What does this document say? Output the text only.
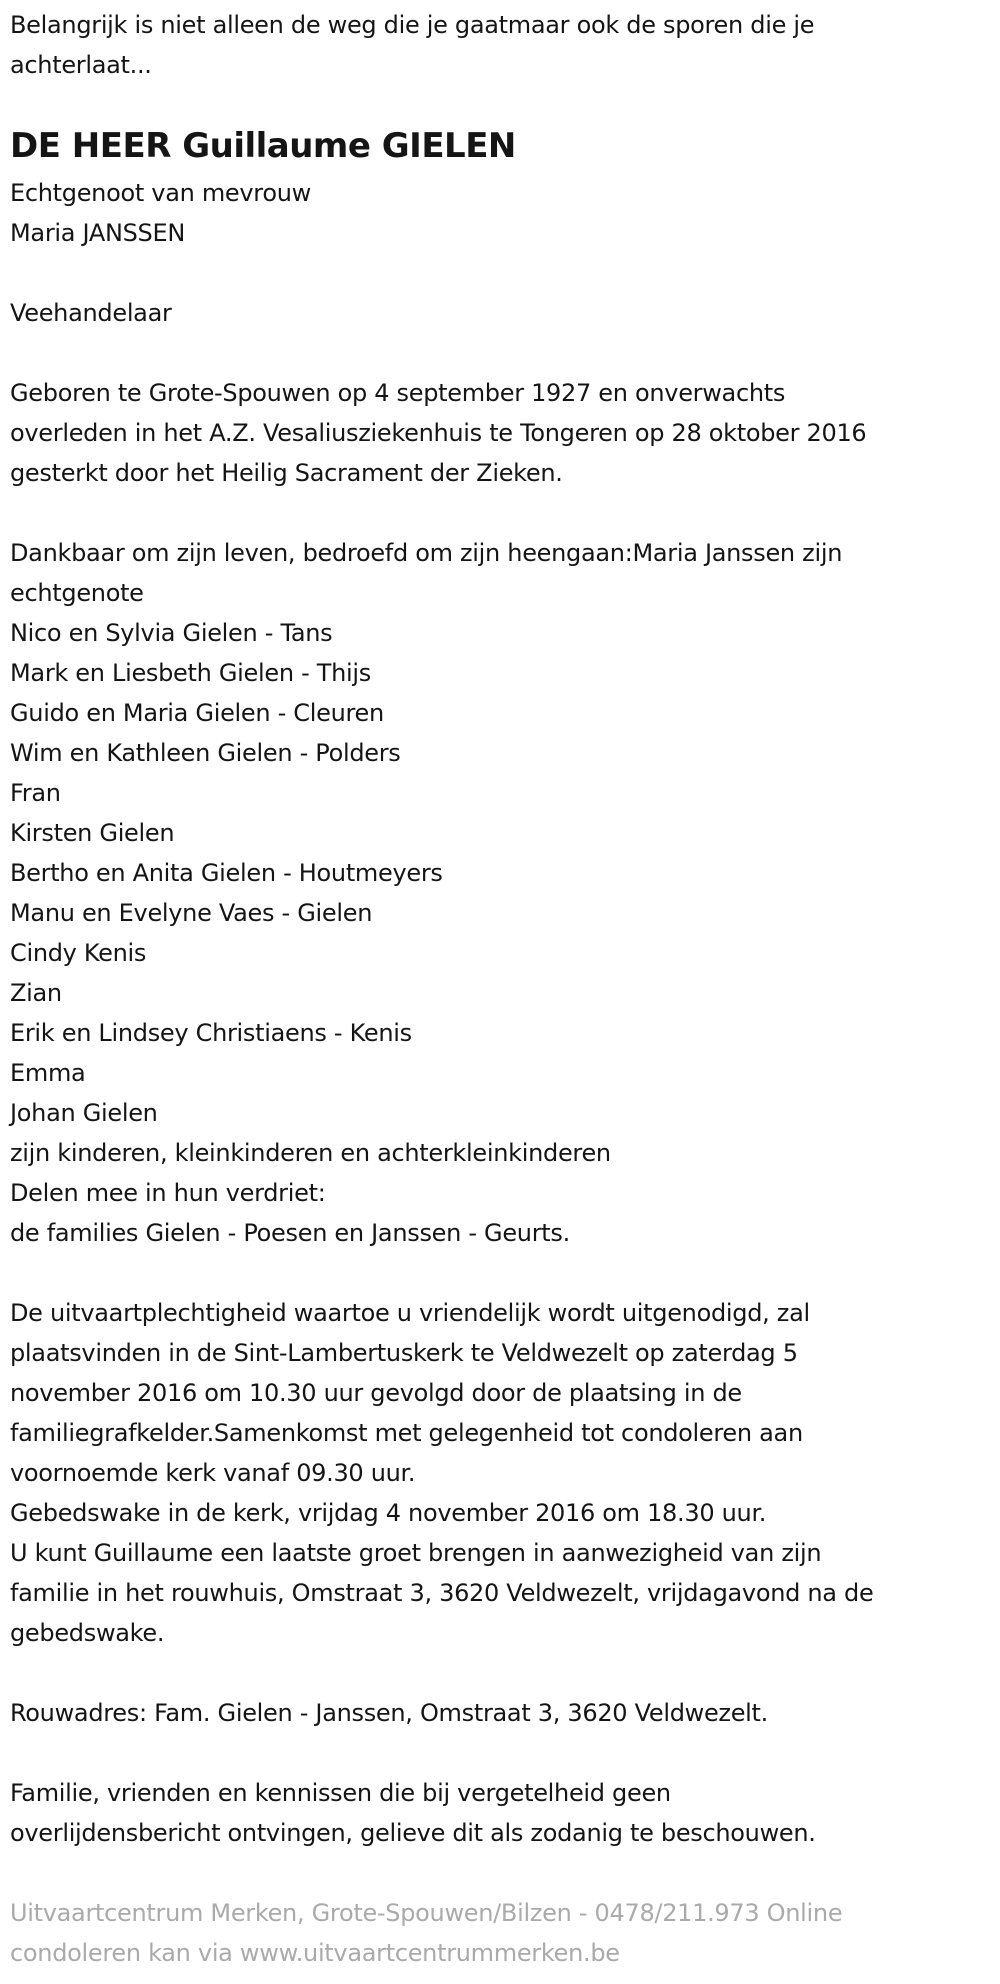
Belangrijk is niet alleen de weg die je gaatmaar ook de sporen die je
achterlaat...
DE HEER Guillaume GIELEN
Echtgenoot van mevrouw
Maria JANSSEN
Veehandelaar
Geboren te Grote-Spouwen op 4 september 1927 en onverwachts
overleden in het A.Z. Vesaliusziekenhuis te Tongeren op 28 oktober 2016
gesterkt door het Heilig Sacrament der Zieken.
Dankbaar om zijn leven, bedroefd om zijn heengaan:Maria Janssen zijn
echtgenote
Nico en Sylvia Gielen - Tans
Mark en Liesbeth Gielen - Thijs
Guido en Maria Gielen - Cleuren
Wim en Kathleen Gielen - Polders
Fran
Kirsten Gielen
Bertho en Anita Gielen - Houtmeyers
Manu en Evelyne Vaes - Gielen
Cindy Kenis
Zian
Erik en Lindsey Christiaens - Kenis
Emma
Johan Gielen
zijn kinderen, kleinkinderen en achterkleinkinderen
Delen mee in hun verdriet:
de families Gielen - Poesen en Janssen - Geurts.
De uitvaartplechtigheid waartoe u vriendelijk wordt uitgenodigd, zal
plaatsvinden in de Sint-Lambertuskerk te Veldwezelt op zaterdag 5
november 2016 om 10.30 uur gevolgd door de plaatsing in de
familiegrafkelder.Samenkomst met gelegenheid tot condoleren aan
voornoemde kerk vanaf 09.30 uur.
Gebedswake in de kerk, vrijdag 4 november 2016 om 18.30 uur.
U kunt Guillaume een laatste groet brengen in aanwezigheid van zijn
familie in het rouwhuis, Omstraat 3, 3620 Veldwezelt, vrijdagavond na de
gebedswake.
Rouwadres: Fam. Gielen - Janssen, Omstraat 3, 3620 Veldwezelt.
Familie, vrienden en kennissen die bij vergetelheid geen
overlijdensbericht ontvingen, gelieve dit als zodanig te beschouwen.
Uitvaartcentrum Merken, Grote-Spouwen/Bilzen - 0478/211.973 Online
condoleren kan via www.uitvaartcentrummerken.be
